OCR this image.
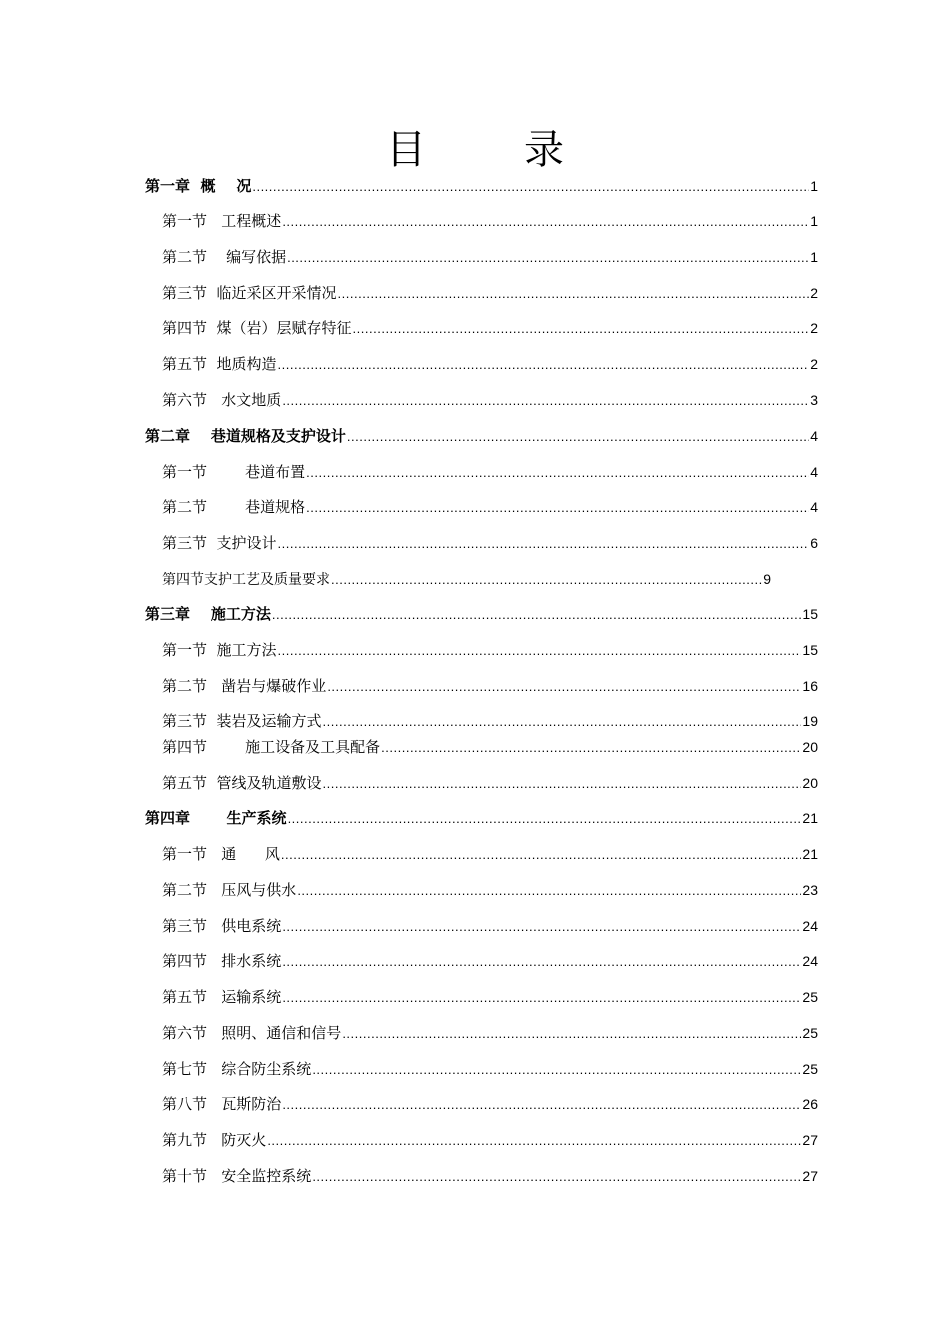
目 录
第一章  概    况 .....	1
第一节   工程概述 .....	1
第二节    编写依据 .....	1
第三节  临近采区开采情况 .....	2
第四节  煤（岩）层赋存特征 .....	2
第五节  地质构造 .....	2
第六节   水文地质 .....	3
第二章    巷道规格及支护设计 .....	4
第一节        巷道布置 .....	4
第二节        巷道规格 .....	4
第三节  支护设计 .....	6
第四节支护工艺及质量要求 .....	9
第三章    施工方法 .....	15
第一节  施工方法 .....	15
第二节   凿岩与爆破作业 .....	16
第三节  装岩及运输方式 .....	19
第四节        施工设备及工具配备 .....	20
第五节  管线及轨道敷设 .....	20
第四章       生产系统 .....	21
第一节   通      风 .....	21
第二节   压风与供水 .....	23
第三节   供电系统 .....	24
第四节   排水系统 .....	24
第五节   运输系统 .....	25
第六节   照明、通信和信号 .....	25
第七节   综合防尘系统 .....	25
第八节   瓦斯防治 .....	26
第九节   防灭火 .....	27
第十节   安全监控系统 .....	27
